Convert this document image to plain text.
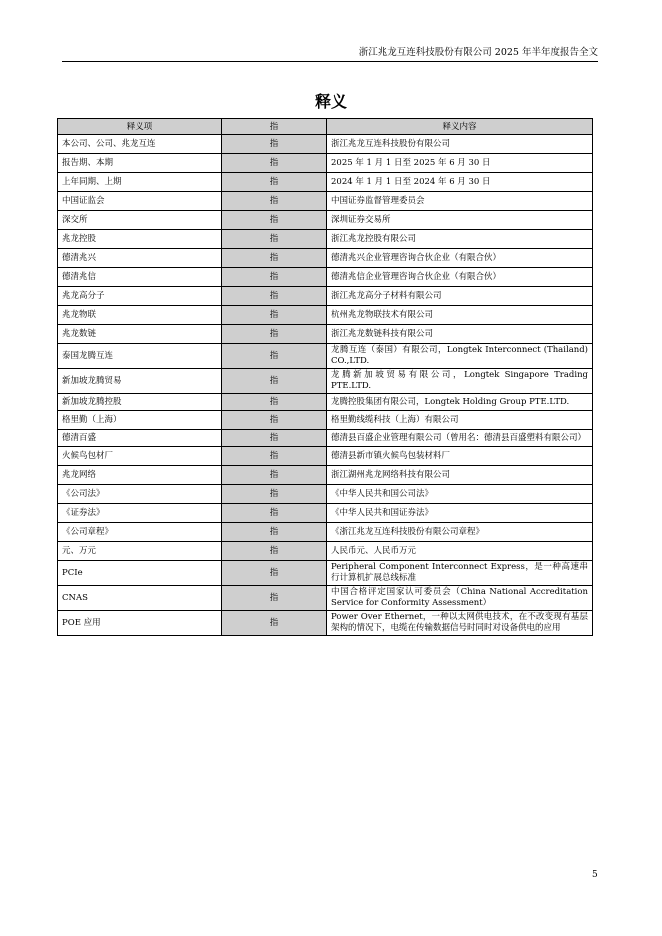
浙江兆龙互连科技股份有限公司 2025 年半年度报告全文
释义
释义项	指	释义内容
本公司、公司、兆龙互连	指	浙江兆龙互连科技股份有限公司
报告期、本期	指	2025 年 1 月 1 日至 2025 年 6 月 30 日
上年同期、上期	指	2024 年 1 月 1 日至 2024 年 6 月 30 日
中国证监会	指	中国证券监督管理委员会
深交所	指	深圳证券交易所
兆龙控股	指	浙江兆龙控股有限公司
德清兆兴	指	德清兆兴企业管理咨询合伙企业（有限合伙）
德清兆信	指	德清兆信企业管理咨询合伙企业（有限合伙）
兆龙高分子	指	浙江兆龙高分子材料有限公司
兆龙物联	指	杭州兆龙物联技术有限公司
兆龙数链	指	浙江兆龙数链科技有限公司
泰国龙腾互连	指	龙腾互连（泰国）有限公司，Longtek Interconnect (Thailand) CO.,LTD.
新加坡龙腾贸易	指	龙腾新加坡贸易有限公司，Longtek Singapore Trading PTE.LTD.
新加坡龙腾控股	指	龙腾控股集团有限公司，Longtek Holding Group PTE.LTD.
格里勤（上海）	指	格里勤线缆科技（上海）有限公司
德清百盛	指	德清县百盛企业管理有限公司（曾用名：德清县百盛塑料有限公司）
火候鸟包材厂	指	德清县新市镇火候鸟包装材料厂
兆龙网络	指	浙江湖州兆龙网络科技有限公司
《公司法》	指	《中华人民共和国公司法》
《证券法》	指	《中华人民共和国证券法》
《公司章程》	指	《浙江兆龙互连科技股份有限公司章程》
元、万元	指	人民币元、人民币万元
PCIe	指	Peripheral Component Interconnect Express，是一种高速串行计算机扩展总线标准
CNAS	指	中国合格评定国家认可委员会（China National Accreditation Service for Conformity Assessment）
POE 应用	指	Power Over Ethernet，一种以太网供电技术，在不改变现有基层架构的情况下，电缆在传输数据信号时同时对设备供电的应用
5
